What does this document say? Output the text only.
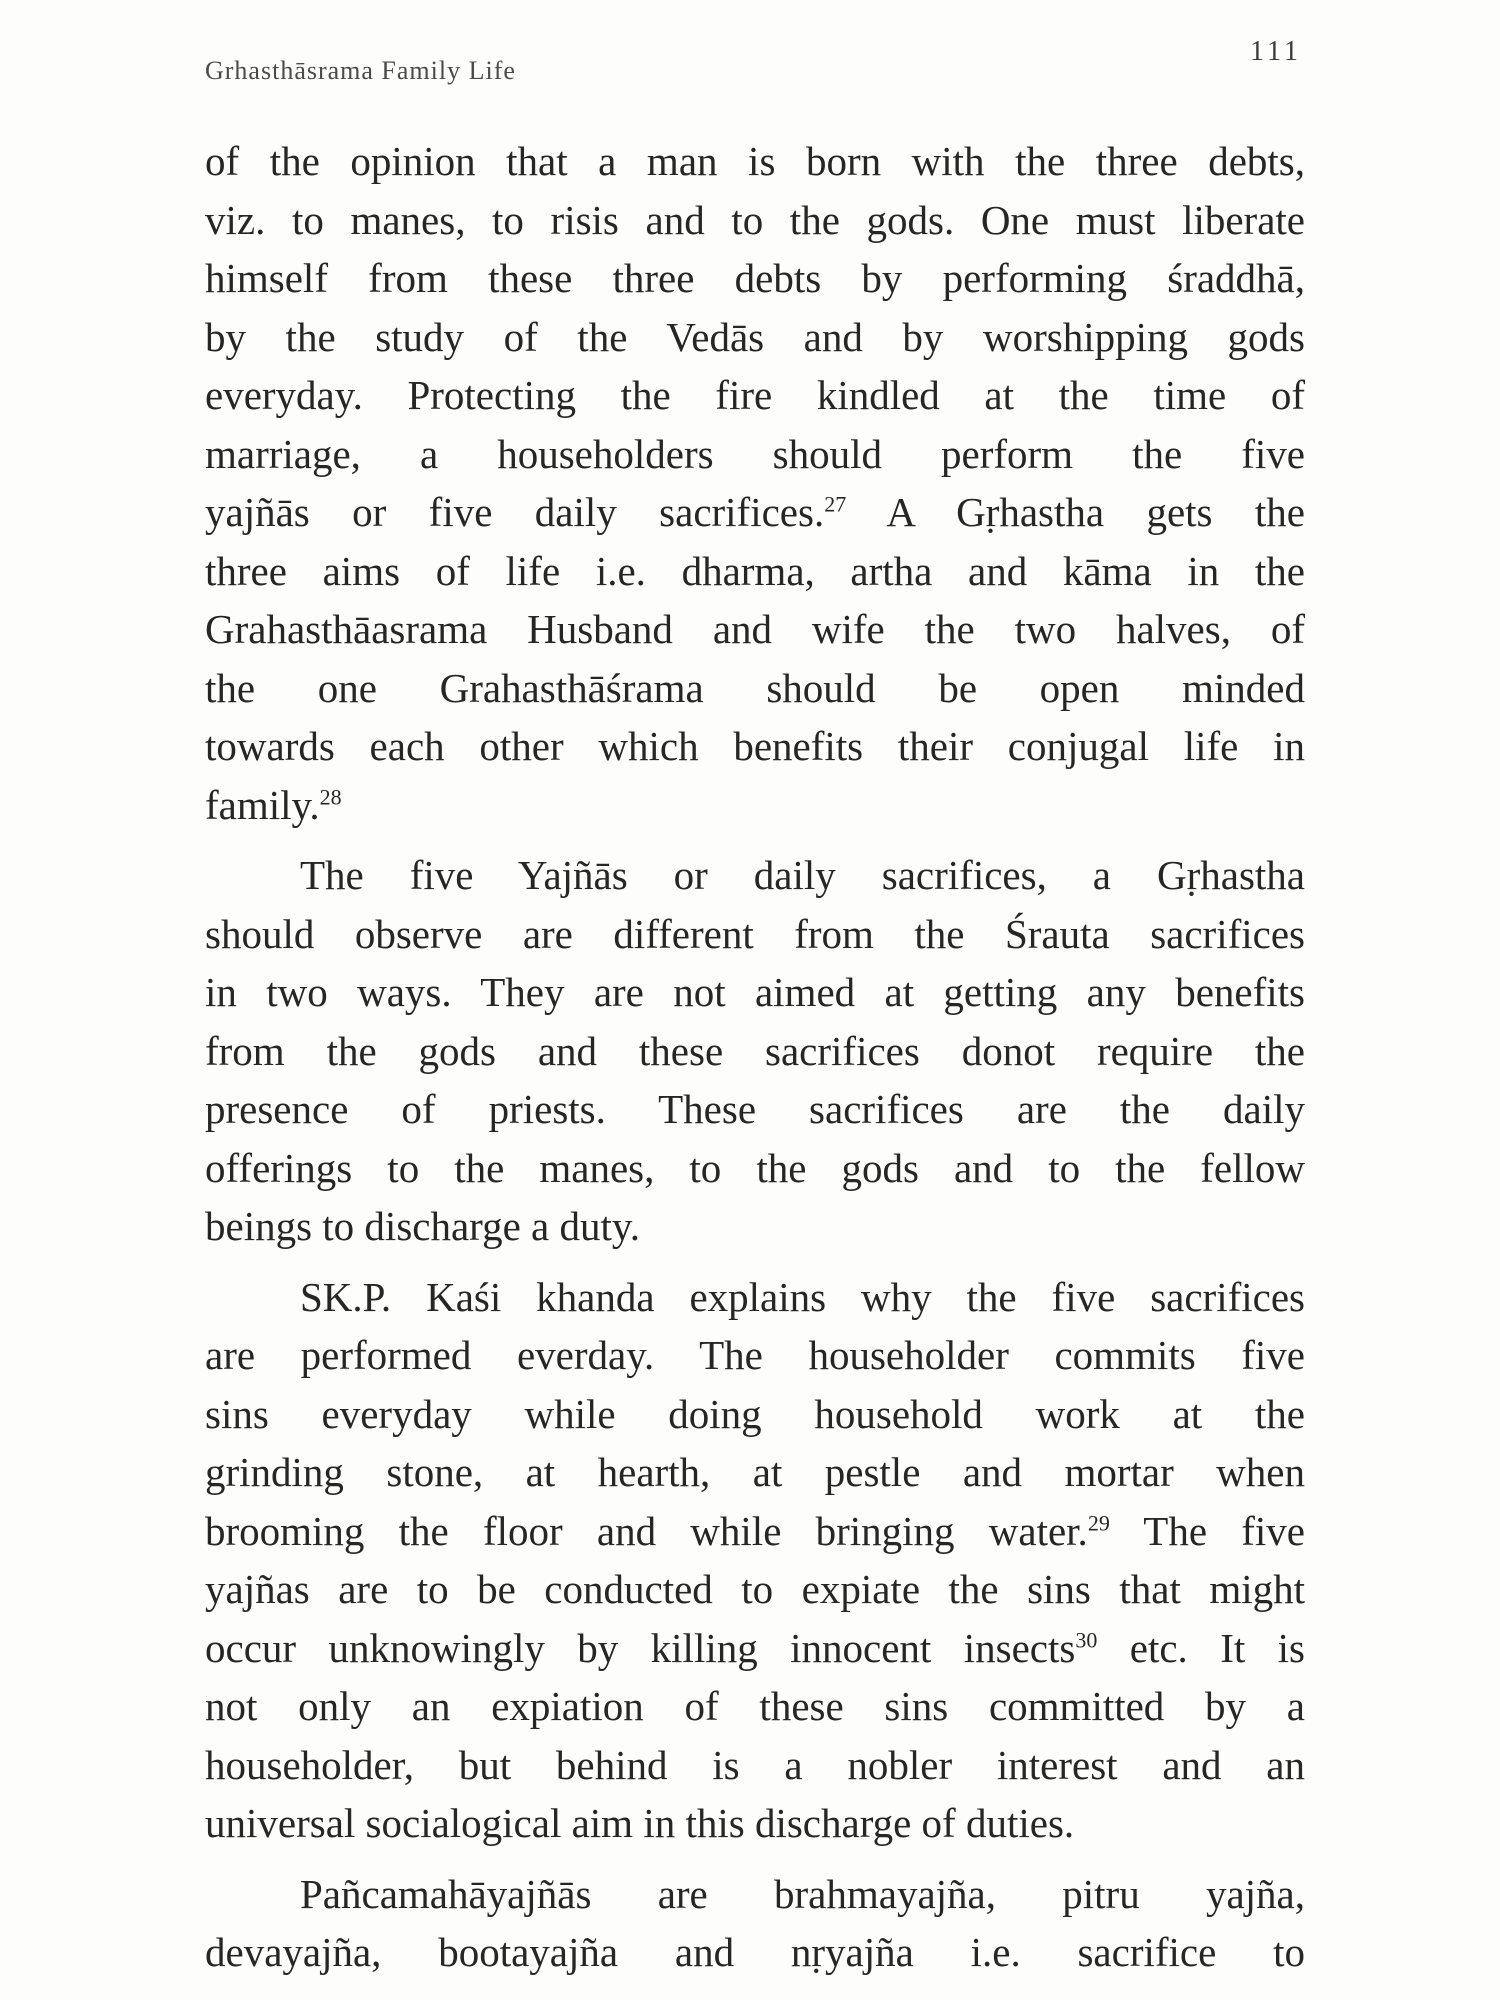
Grhasthāsrama Family Life
111
of the opinion that a man is born with the three debts,
viz. to manes, to risis and to the gods. One must liberate
himself from these three debts by performing śraddhā,
by the study of the Vedās and by worshipping gods
everyday. Protecting the fire kindled at the time of
marriage, a householders should perform the five
yajñās or five daily sacrifices.$^{27}$ A Gṛhastha gets the
three aims of life i.e. dharma, artha and kāma in the
Grahasthāasrama Husband and wife the two halves, of
the one Grahasthāśrama should be open minded
towards each other which benefits their conjugal life in
family.$^{28}$
The five Yajñās or daily sacrifices, a Gṛhastha
should observe are different from the Śrauta sacrifices
in two ways. They are not aimed at getting any benefits
from the gods and these sacrifices donot require the
presence of priests. These sacrifices are the daily
offerings to the manes, to the gods and to the fellow
beings to discharge a duty.
SK.P. Kaśi khanda explains why the five sacrifices
are performed everday. The householder commits five
sins everyday while doing household work at the
grinding stone, at hearth, at pestle and mortar when
brooming the floor and while bringing water.$^{29}$ The five
yajñas are to be conducted to expiate the sins that might
occur unknowingly by killing innocent insects$^{30}$ etc. It is
not only an expiation of these sins committed by a
householder, but behind is a nobler interest and an
universal socialogical aim in this discharge of duties.
Pañcamahāyajñās are brahmayajña, pitru yajña,
devayajña, bootayajña and nṛyajña i.e. sacrifice to
